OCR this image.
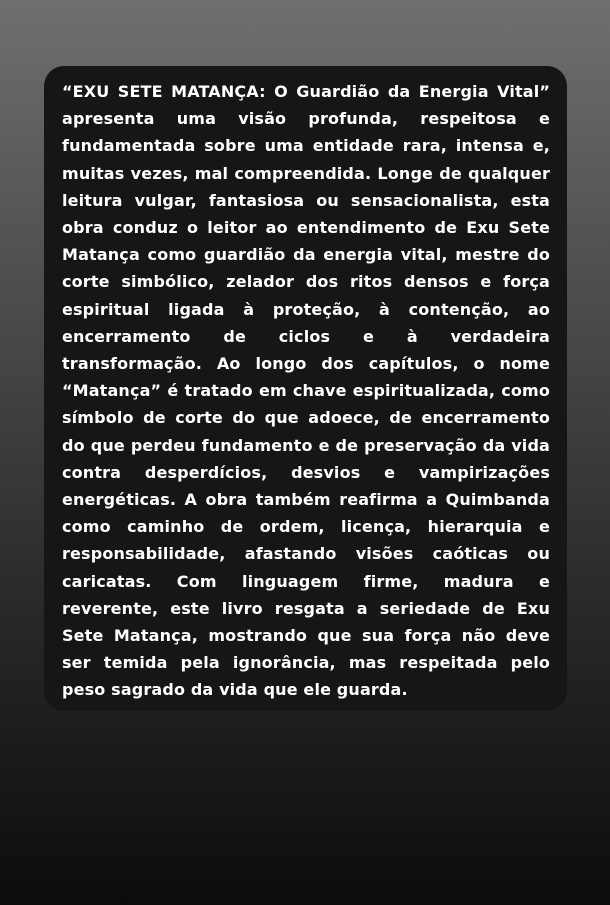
“EXU SETE MATANÇA: O Guardião da Energia Vital” apresenta uma visão profunda, respeitosa e fundamentada sobre uma entidade rara, intensa e, muitas vezes, mal compreendida. Longe de qualquer leitura vulgar, fantasiosa ou sensacionalista, esta obra conduz o leitor ao entendimento de Exu Sete Matança como guardião da energia vital, mestre do corte simbólico, zelador dos ritos densos e força espiritual ligada à proteção, à contenção, ao encerramento de ciclos e à verdadeira transformação. Ao longo dos capítulos, o nome “Matança” é tratado em chave espiritualizada, como símbolo de corte do que adoece, de encerramento do que perdeu fundamento e de preservação da vida contra desperdícios, desvios e vampirizações energéticas. A obra também reafirma a Quimbanda como caminho de ordem, licença, hierarquia e responsabilidade, afastando visões caóticas ou caricatas. Com linguagem firme, madura e reverente, este livro resgata a seriedade de Exu Sete Matança, mostrando que sua força não deve ser temida pela ignorância, mas respeitada pelo peso sagrado da vida que ele guarda.
